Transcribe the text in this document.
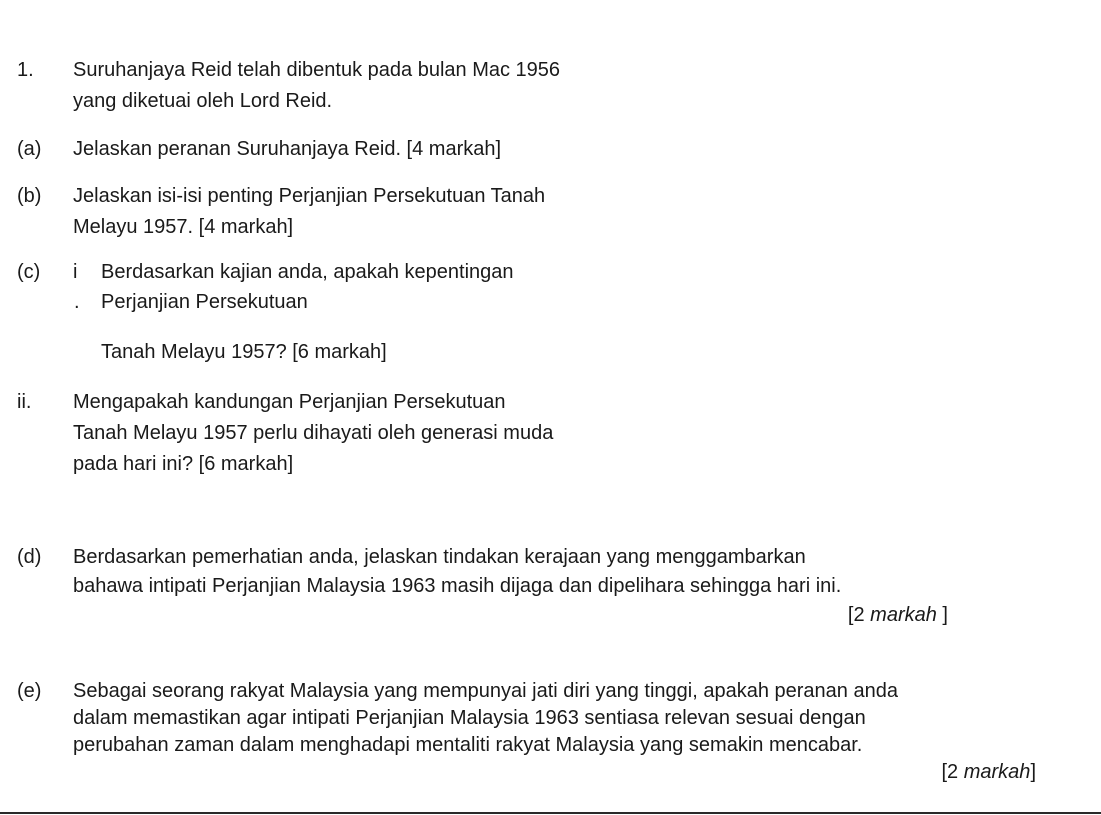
1. Suruhanjaya Reid telah dibentuk pada bulan Mac 1956
yang diketuai oleh Lord Reid.
(a) Jelaskan peranan Suruhanjaya Reid. [4 markah]
(b) Jelaskan isi-isi penting Perjanjian Persekutuan Tanah
Melayu 1957. [4 markah]
(c) i Berdasarkan kajian anda, apakah kepentingan
. Perjanjian Persekutuan
Tanah Melayu 1957? [6 markah]
ii. Mengapakah kandungan Perjanjian Persekutuan
Tanah Melayu 1957 perlu dihayati oleh generasi muda
pada hari ini? [6 markah]
(d) Berdasarkan pemerhatian anda, jelaskan tindakan kerajaan yang menggambarkan
bahawa intipati Perjanjian Malaysia 1963 masih dijaga dan dipelihara sehingga hari ini.
[2 markah ]
(e) Sebagai seorang rakyat Malaysia yang mempunyai jati diri yang tinggi, apakah peranan anda
dalam memastikan agar intipati Perjanjian Malaysia 1963 sentiasa relevan sesuai dengan
perubahan zaman dalam menghadapi mentaliti rakyat Malaysia yang semakin mencabar.
[2 markah]
